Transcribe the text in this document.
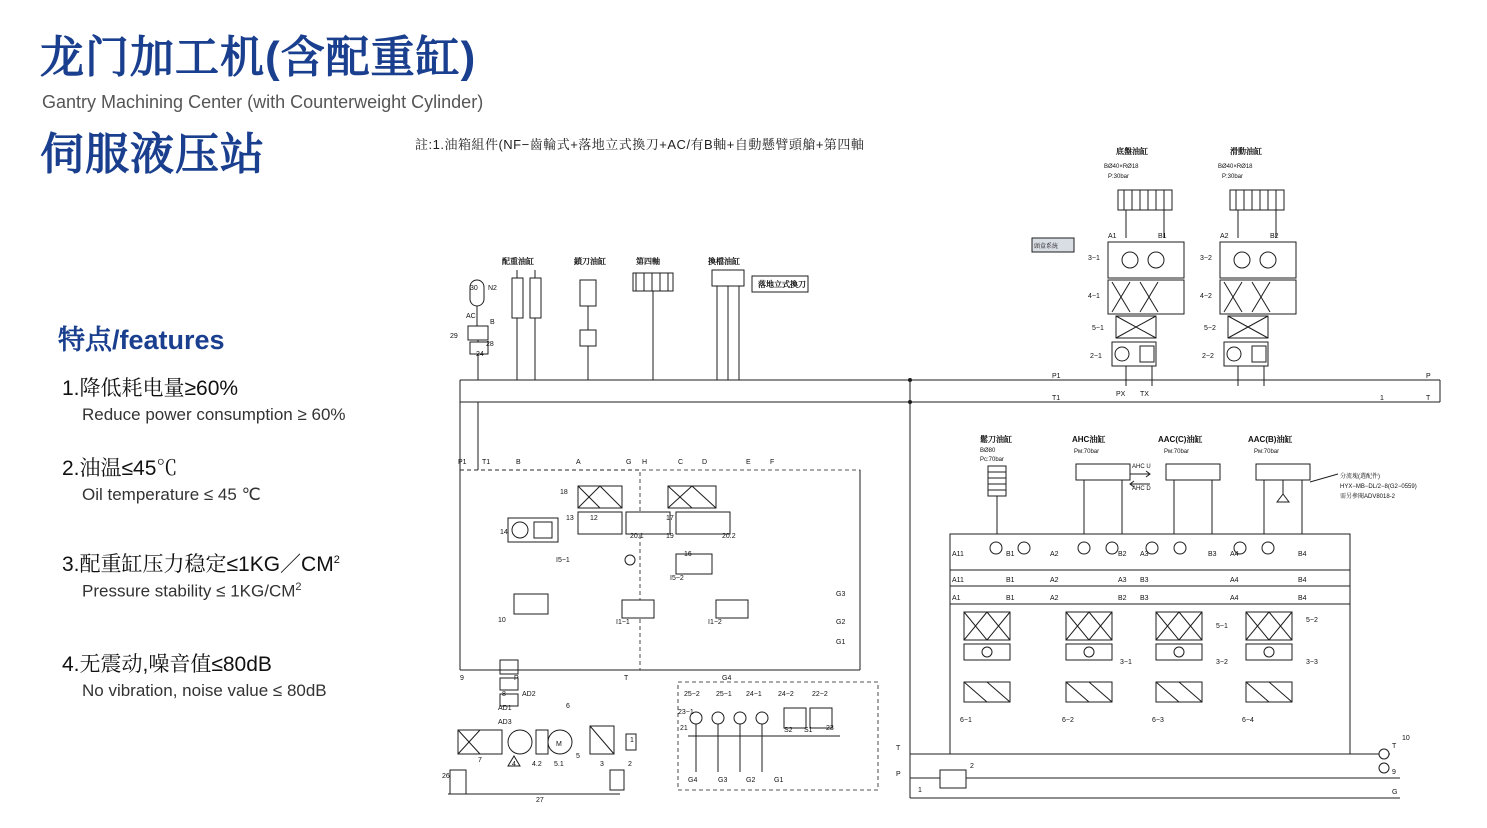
龙门加工机(含配重缸)
Gantry Machining Center (with Counterweight Cylinder)
伺服液压站	註:1.油箱組件(NF−齒輪式+落地立式換刀+AC/有B軸+自動懸臂頭艙+第四軸
特点/features
1.降低耗电量≥60%
Reduce power consumption ≥ 60%
2.油温≤45℃
Oil temperature ≤ 45 ℃
3.配重缸压力稳定$\le 1KG/CM^2$
Pressure stability ≤ $1KG/CM^2$
4.无震动,噪音值≤80dB
No vibration, noise value ≤ 80dB
M
配重油缸	鎖刀油缸	第四軸	換檔油缸
落地立式換刀
底盤油缸
BØ40×RØ18
P:30bar
滑動油缸
BØ40×RØ18
P:30bar
頭盒系統
鬆刀油缸
BØ80
Pc:70bar
AHC油缸
Pм:70bar
AAC(C)油缸
Pм:70bar
AAC(B)油缸
Pм:70bar
AHC U
AHC D
分流塊(選配件)
HYX−MB−DL/2−8(G2−0559)
需另參閱ADV8018-2
A1	B1	A2	B2
3−1
4−1
5−1
2−1
3−2
4−2
5−2
2−2
P1
T1
PX TX
P
T
1
P1 T1	B	A	G H	C	D	E	F
9	P	T	G4
30 N2
AC
B
29
28
24
13 12
18
14
17
20.1	19	20.2
I5−1
16
I5−2
10	I1−1	I1−2
G3
G2
G1
8
AD1
AD2
AD3
7
4 4.2 5.1
5
3	2
1
6
26
27
25−2 25−1 24−1 24−2	22−2
23−1
21	S2 S1 23
G4	G3	G2	G1
A11	B1	A2	B2 A3	B3 A4	B4
A11	B1	A2	A3 B3	A4	B4
A1	B1	A2	B2 B3	A4	B4
5−2
3−3
3−1	3−2
5−1
6−1	6−2	6−3	6−4
T	T
10
9
P
G
2
1
